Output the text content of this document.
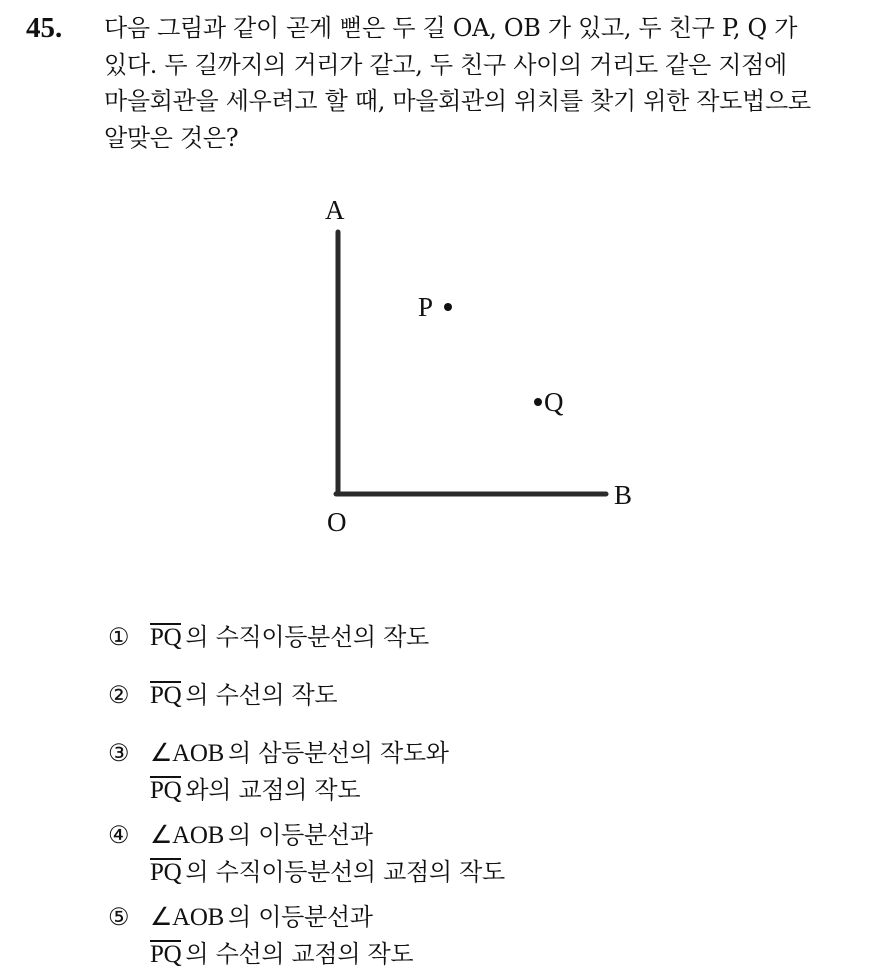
45. 다음 그림과 같이 곧게 뻗은 두 길 OA, OB 가 있고, 두 친구 P, Q 가
있다. 두 길까지의 거리가 같고, 두 친구 사이의 거리도 같은 지점에
마을회관을 세우려고 할 때, 마을회관의 위치를 찾기 위한 작도법으로
알맞은 것은?
A
O
B
P
Q
① PQ 의 수직이등분선의 작도
② PQ 의 수선의 작도
③ ∠AOB 의 삼등분선의 작도와
PQ 와의 교점의 작도
④ ∠AOB 의 이등분선과
PQ 의 수직이등분선의 교점의 작도
⑤ ∠AOB 의 이등분선과
PQ 의 수선의 교점의 작도
